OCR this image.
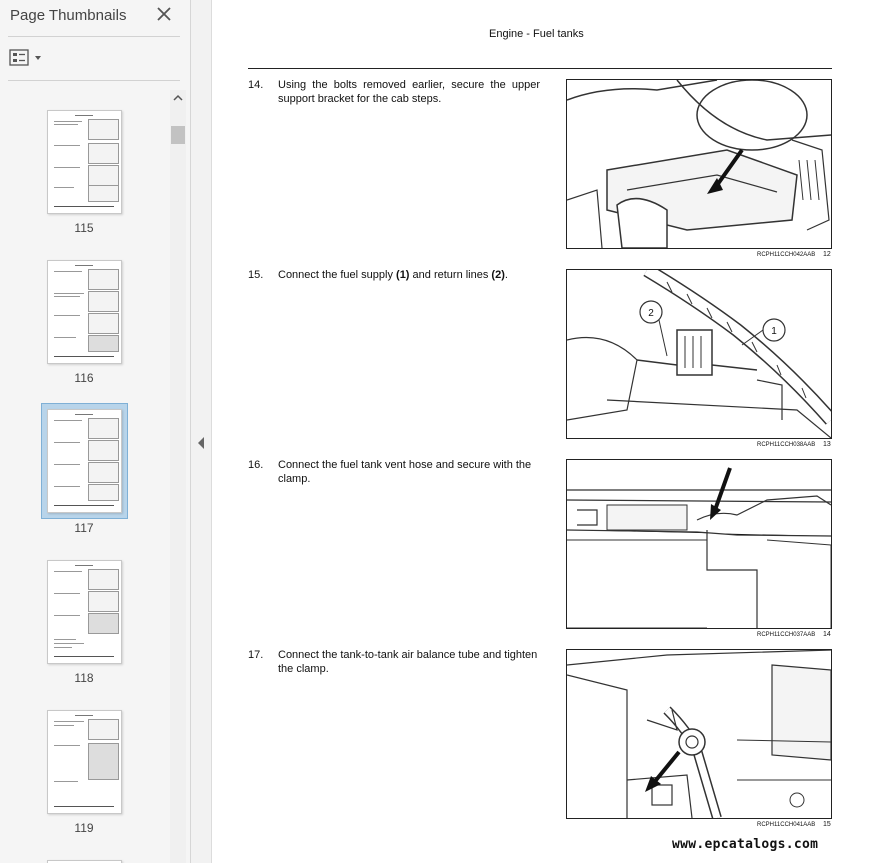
Page Thumbnails
115
116
117
118
119
Engine - Fuel tanks
14. Using the bolts removed earlier, secure the upper support bracket for the cab steps.
RCPH11CCH042AAB 12
15. Connect the fuel supply (1) and return lines (2).
2
1
RCPH11CCH038AAB 13
16. Connect the fuel tank vent hose and secure with the clamp.
RCPH11CCH037AAB 14
17. Connect the tank-to-tank air balance tube and tighten the clamp.
RCPH11CCH041AAB 15
www.epcatalogs.com
